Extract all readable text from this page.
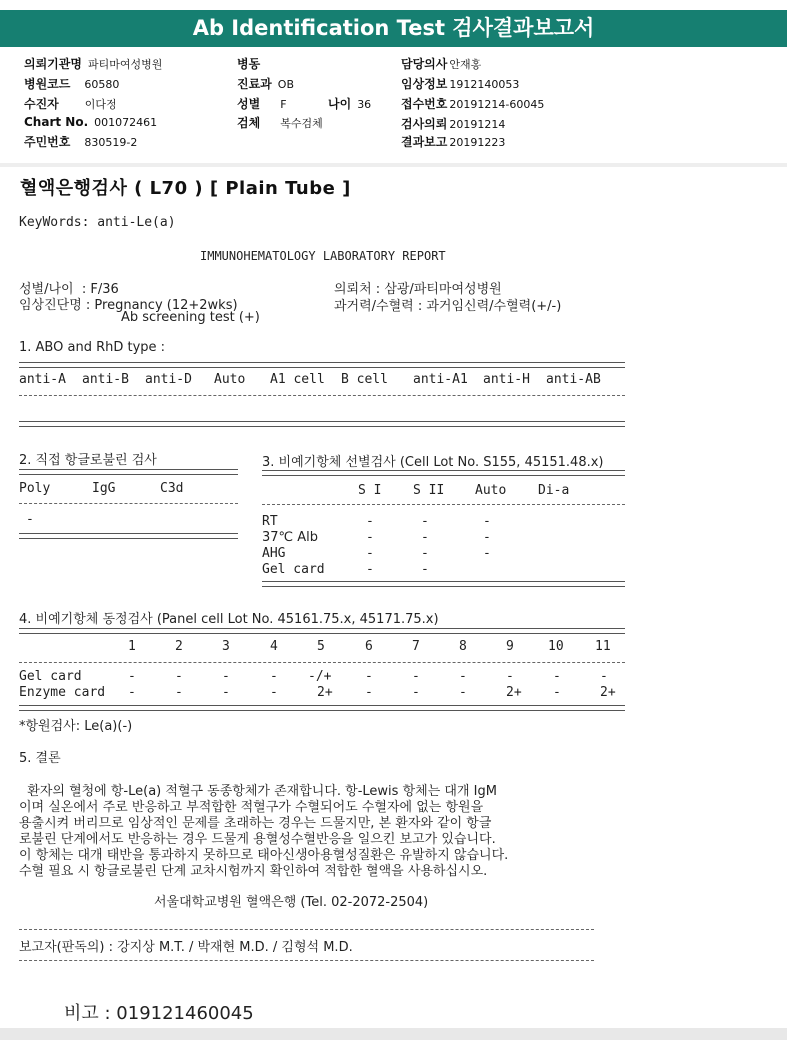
Ab Identification Test 검사결과보고서
의뢰기관명 파티마여성병원
병원코드 60580
수진자 이다정
Chart No. 001072461
주민번호 830519-2
병동
진료과 OB
성별 F	나이 36
검체 복수검체
담당의사 안재홍
임상정보 1912140053
접수번호 20191214-60045
검사의뢰 20191214
결과보고 20191223
혈액은행검사 ( L70 ) [ Plain Tube ]
KeyWords: anti-Le(a)
IMMUNOHEMATOLOGY LABORATORY REPORT
성별/나이  : F/36
임상진단명 : Pregnancy (12+2wks)
Ab screening test (+)
의뢰처 : 삼광/파티마여성병원
과거력/수혈력 : 과거임신력/수혈력(+/-)
1. ABO and RhD type :
anti-A anti-B anti-D Auto A1 cell B cell anti-A1 anti-H anti-AB
2. 직접 항글로불린 검사
Poly	IgG	C3d
-
3. 비예기항체 선별검사 (Cell Lot No. S155, 45151.48.x)
S I S II Auto Di-a
RT	-	-	-
37℃ Alb	-	-	-
AHG	-	-	-
Gel card	-	-
4. 비예기항체 동정검사 (Panel cell Lot No. 45161.75.x, 45171.75.x)
1	2	3	4	5	6	7	8	9	10 11
Gel card	-	-	-	- -/+	-	-	-	-	-	-
Enzyme card -	-	-	-	2+ -	-	-	2+ -	2+
*항원검사: Le(a)(-)
5. 결론
환자의 혈청에 항-Le(a) 적혈구 동종항체가 존재합니다. 항-Lewis 항체는 대개 IgM
이며 실온에서 주로 반응하고 부적합한 적혈구가 수혈되어도 수혈자에 없는 항원을
용출시켜 버리므로 임상적인 문제를 초래하는 경우는 드물지만, 본 환자와 같이 항글
로불린 단계에서도 반응하는 경우 드물게 용혈성수혈반응을 일으킨 보고가 있습니다.
이 항체는 대개 태반을 통과하지 못하므로 태아신생아용혈성질환은 유발하지 않습니다.
수혈 필요 시 항글로불린 단계 교차시험까지 확인하여 적합한 혈액을 사용하십시오.
서울대학교병원 혈액은행 (Tel. 02-2072-2504)
보고자(판독의) : 강지상 M.T. / 박재현 M.D. / 김형석 M.D.
비고 : 019121460045
